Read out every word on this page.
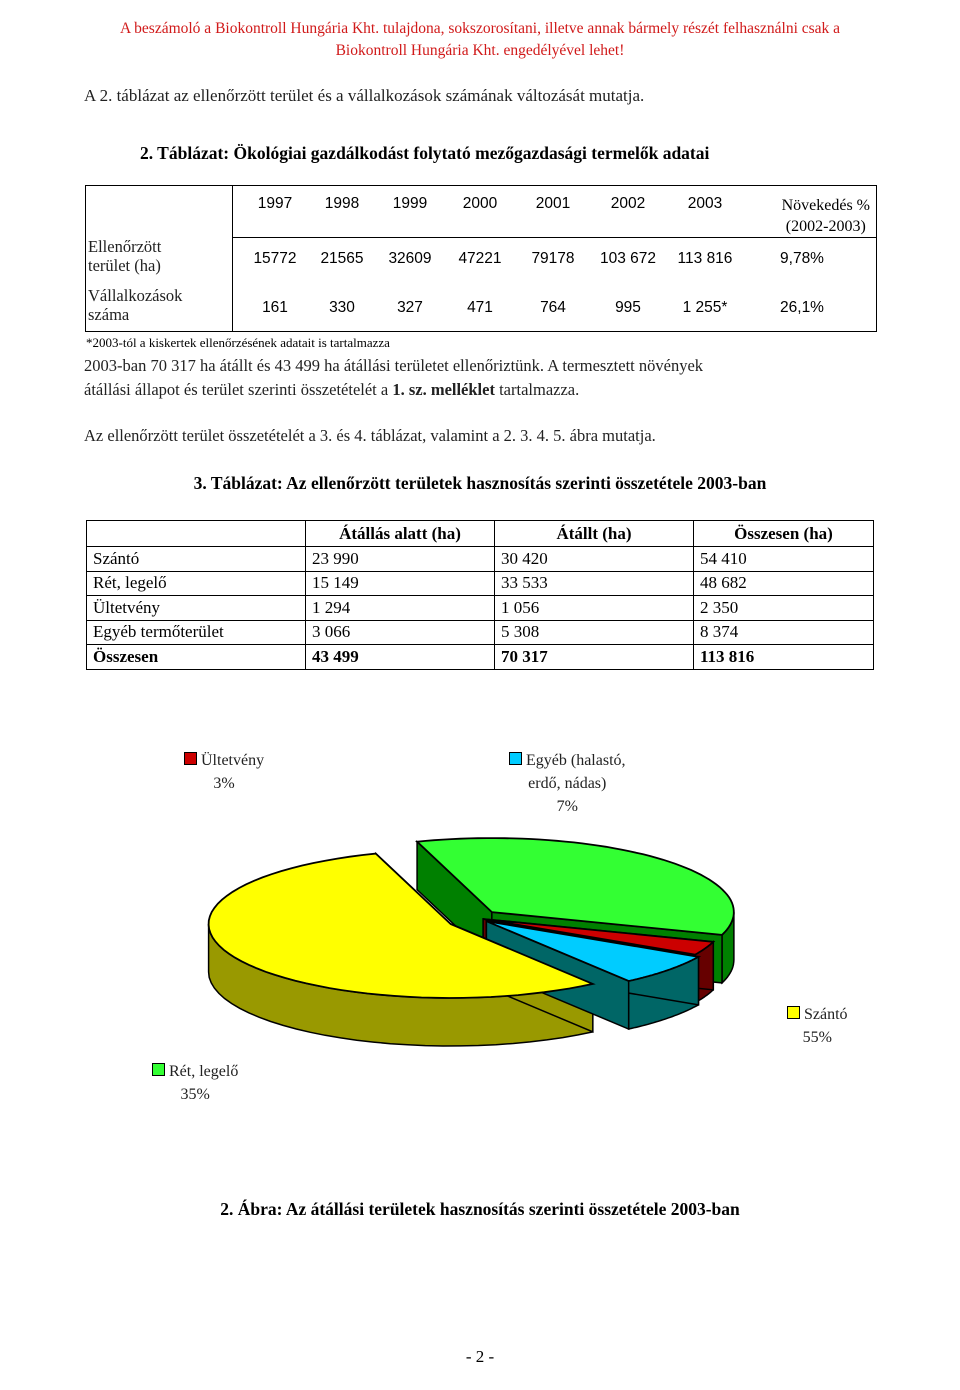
A beszámoló a Biokontroll Hungária Kht. tulajdona, sokszorosítani, illetve annak bármely részét felhasználni csak a
Biokontroll Hungária Kht. engedélyével lehet!
A 2. táblázat az ellenőrzött terület és a vállalkozások számának változását mutatja.
2. Táblázat: Ökológiai gazdálkodást folytató mezőgazdasági termelők adatai
1997	1998	1999	2000	2001	2002	2003	Növekedés %
(2002-2003)
Ellenőrzött
terület (ha)	15772	21565	32609	47221	79178	103 672	113 816	9,78%
Vállalkozások
száma	161	330	327	471	764	995	1 255*	26,1%
*2003-tól a kiskertek ellenőrzésének adatait is tartalmazza
2003-ban 70 317 ha átállt és 43 499 ha átállási területet ellenőriztünk. A termesztett növények
átállási állapot és terület szerinti összetételét a 1. sz. melléklet tartalmazza.
Az ellenőrzött terület összetételét a 3. és 4. táblázat, valamint a 2. 3. 4. 5. ábra mutatja.
3. Táblázat: Az ellenőrzött területek hasznosítás szerinti összetétele 2003-ban
	Átállás alatt (ha)	Átállt (ha)	Összesen (ha)
Szántó	23 990	30 420	54 410
Rét, legelő	15 149	33 533	48 682
Ültetvény	1 294	1 056	2 350
Egyéb termőterület	3 066	5 308	8 374
Összesen	43 499	70 317	113 816
Ültetvény
3%
Egyéb (halastó,
erdő, nádas)
7%
Szántó
55%
Rét, legelő
35%
2. Ábra: Az átállási területek hasznosítás szerinti összetétele 2003-ban
- 2 -
